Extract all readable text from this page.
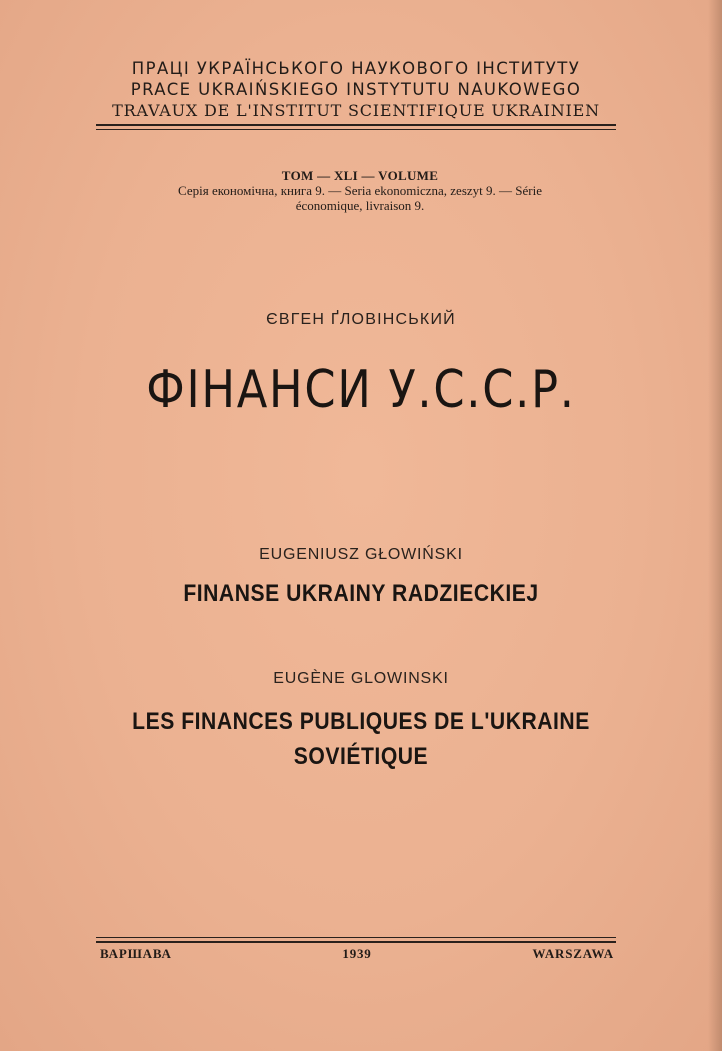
ПРАЦІ УКРАЇНСЬКОГО НАУКОВОГО ІНСТИТУТУ
PRACE UKRAIŃSKIEGO INSTYTUTU NAUKOWEGO
TRAVAUX DE L'INSTITUT SCIENTIFIQUE UKRAINIEN
ТОМ — XLI — VOLUME
Серія економічна, книга 9. — Seria ekonomiczna, zeszyt 9. — Série
économique, livraison 9.
ЄВГЕН ҐЛОВІНСЬКИЙ
ФІНАНСИ У.С.С.Р.
EUGENIUSZ GŁOWIŃSKI
FINANSE UKRAINY RADZIECKIEJ
EUGÈNE GLOWINSKI
LES FINANCES PUBLIQUES DE L'UKRAINE
SOVIÉTIQUE
ВАРШАВА	1939	WARSZAWA
